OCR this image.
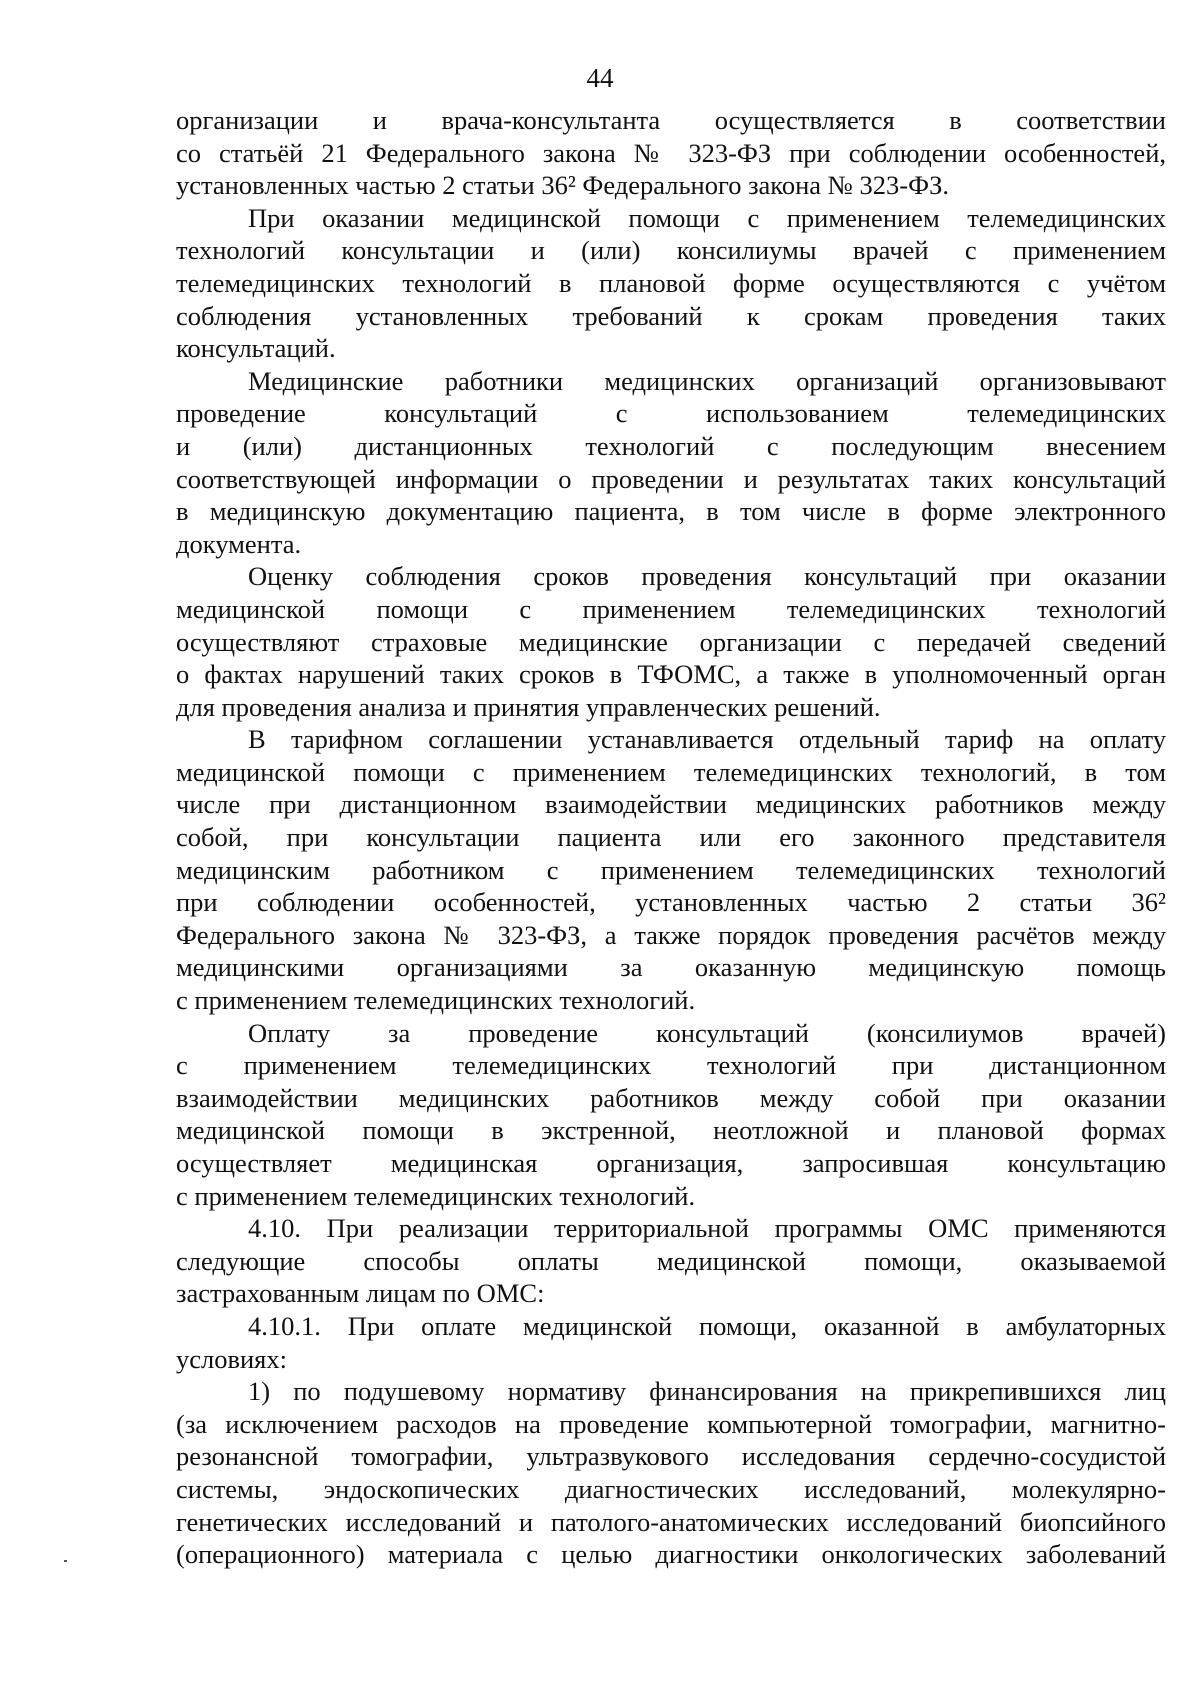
44
организации и врача-консультанта осуществляется в соответствии
со статьёй 21 Федерального закона № 323-ФЗ при соблюдении особенностей,
установленных частью 2 статьи 36² Федерального закона № 323-ФЗ.
При оказании медицинской помощи с применением телемедицинских
технологий консультации и (или) консилиумы врачей с применением
телемедицинских технологий в плановой форме осуществляются с учётом
соблюдения установленных требований к срокам проведения таких
консультаций.
Медицинские работники медицинских организаций организовывают
проведение консультаций с использованием телемедицинских
и (или) дистанционных технологий с последующим внесением
соответствующей информации о проведении и результатах таких консультаций
в медицинскую документацию пациента, в том числе в форме электронного
документа.
Оценку соблюдения сроков проведения консультаций при оказании
медицинской помощи с применением телемедицинских технологий
осуществляют страховые медицинские организации с передачей сведений
о фактах нарушений таких сроков в ТФОМС, а также в уполномоченный орган
для проведения анализа и принятия управленческих решений.
В тарифном соглашении устанавливается отдельный тариф на оплату
медицинской помощи с применением телемедицинских технологий, в том
числе при дистанционном взаимодействии медицинских работников между
собой, при консультации пациента или его законного представителя
медицинским работником с применением телемедицинских технологий
при соблюдении особенностей, установленных частью 2 статьи 36²
Федерального закона № 323-ФЗ, а также порядок проведения расчётов между
медицинскими организациями за оказанную медицинскую помощь
с применением телемедицинских технологий.
Оплату за проведение консультаций (консилиумов врачей)
с применением телемедицинских технологий при дистанционном
взаимодействии медицинских работников между собой при оказании
медицинской помощи в экстренной, неотложной и плановой формах
осуществляет медицинская организация, запросившая консультацию
с применением телемедицинских технологий.
4.10. При реализации территориальной программы ОМС применяются
следующие способы оплаты медицинской помощи, оказываемой
застрахованным лицам по ОМС:
4.10.1. При оплате медицинской помощи, оказанной в амбулаторных
условиях:
1) по подушевому нормативу финансирования на прикрепившихся лиц
(за исключением расходов на проведение компьютерной томографии, магнитно-
резонансной томографии, ультразвукового исследования сердечно-сосудистой
системы, эндоскопических диагностических исследований, молекулярно-
генетических исследований и патолого-анатомических исследований биопсийного
(операционного) материала с целью диагностики онкологических заболеваний
